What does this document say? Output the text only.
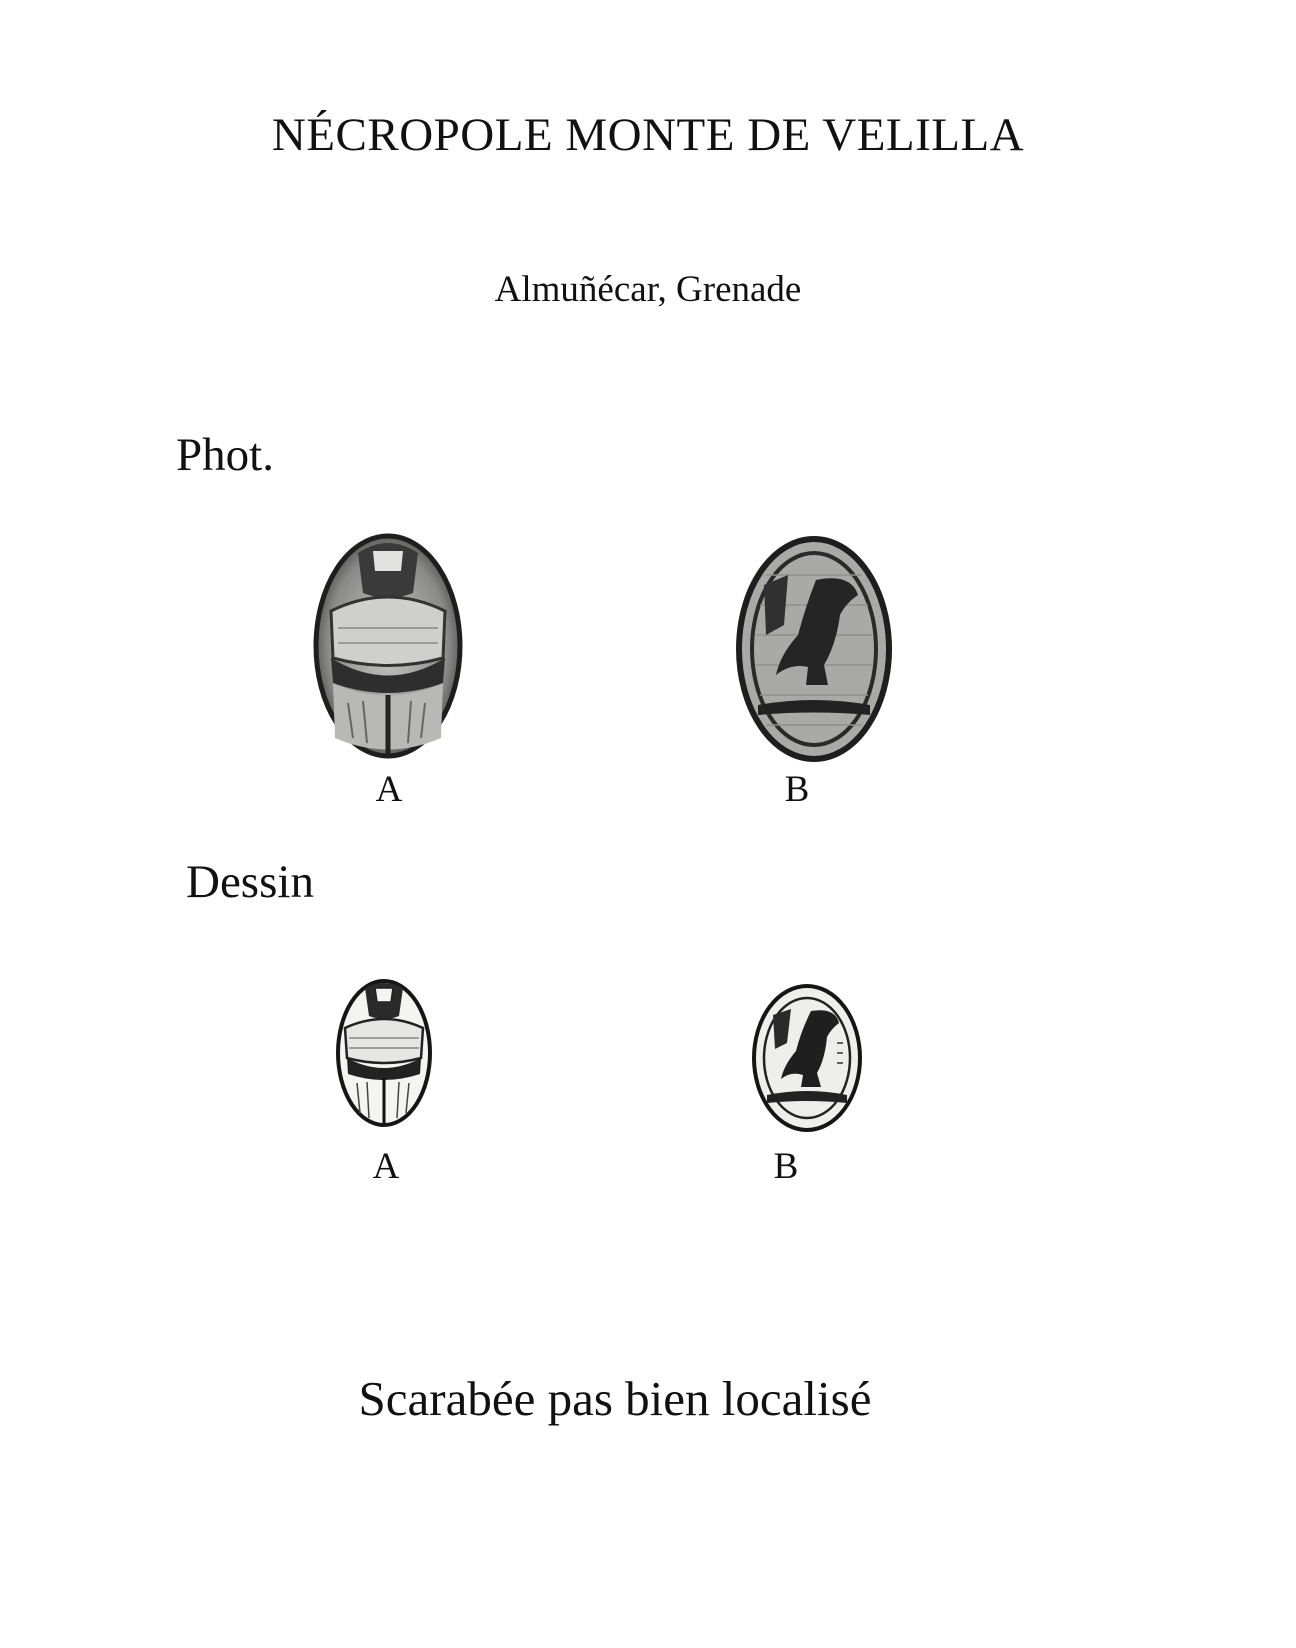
NÉCROPOLE MONTE DE VELILLA
Almuñécar, Grenade
Phot.
A	B
Dessin
A	B
Scarabée pas bien localisé
